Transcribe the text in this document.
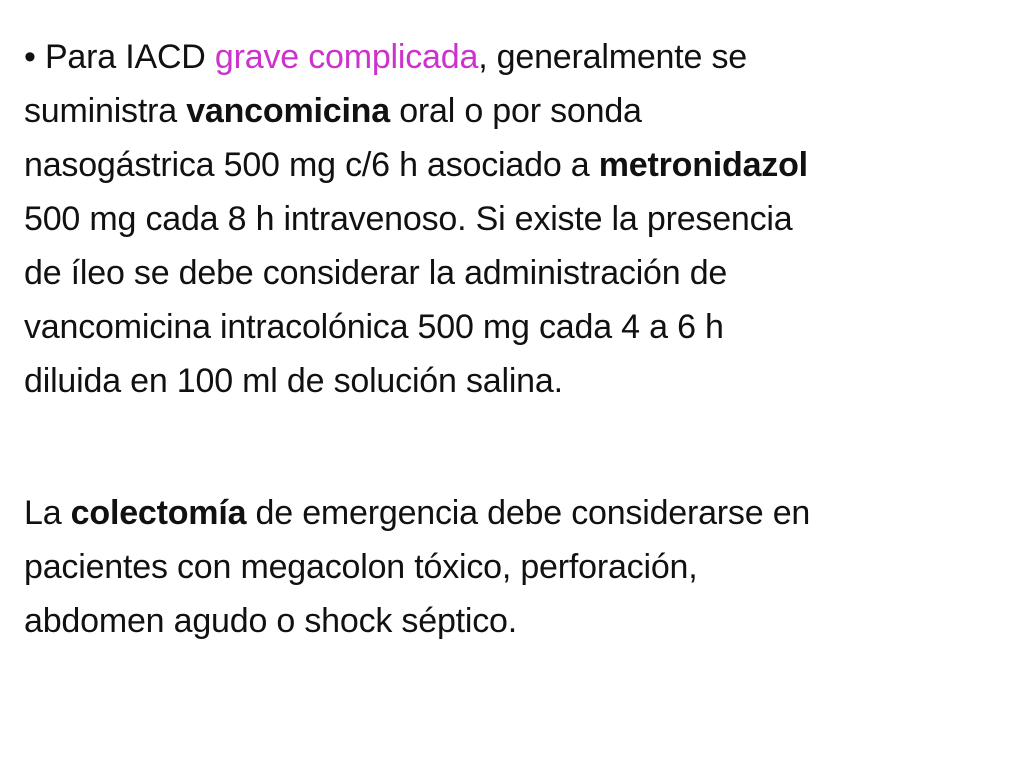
• Para IACD grave complicada, generalmente se
suministra vancomicina oral o por sonda
nasogástrica 500 mg c/6 h asociado a metronidazol
500 mg cada 8 h intravenoso. Si existe la presencia
de íleo se debe considerar la administración de
vancomicina intracolónica 500 mg cada 4 a 6 h
diluida en 100 ml de solución salina.
La colectomía de emergencia debe considerarse en
pacientes con megacolon tóxico, perforación,
abdomen agudo o shock séptico.
